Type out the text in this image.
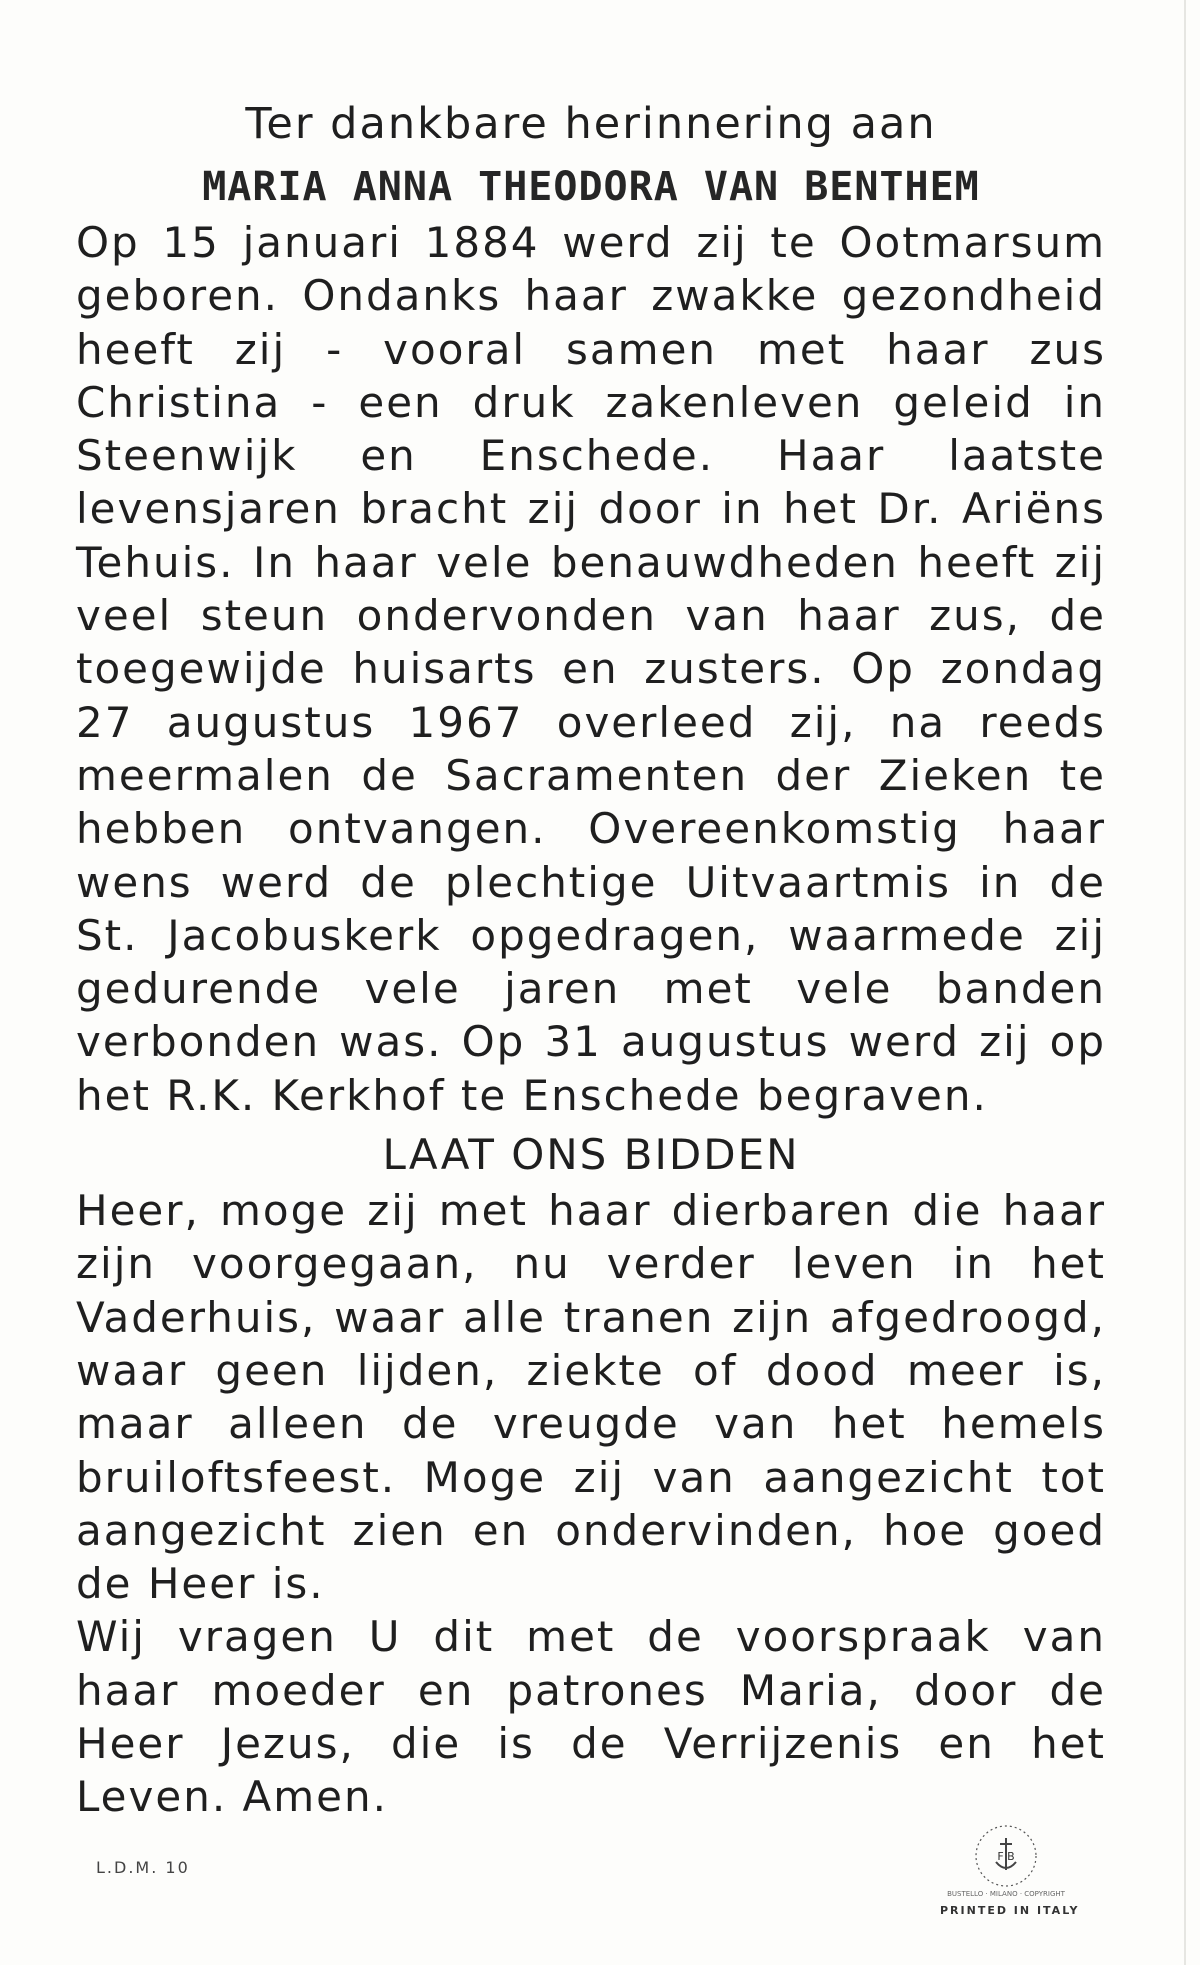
Ter dankbare herinnering aan

MARIA ANNA THEODORA VAN BENTHEM

Op 15 januari 1884 werd zij te Ootmarsum geboren. Ondanks haar zwakke gezondheid heeft zij - vooral samen met haar zus Christina - een druk zakenleven geleid in Steenwijk en Enschede. Haar laatste levensjaren bracht zij door in het Dr. Ariëns Tehuis. In haar vele benauwdheden heeft zij veel steun ondervonden van haar zus, de toegewijde huisarts en zusters. Op zondag 27 augustus 1967 overleed zij, na reeds meermalen de Sacramenten der Zieken te hebben ontvangen. Overeenkomstig haar wens werd de plechtige Uitvaartmis in de St. Jacobuskerk opgedragen, waarmede zij gedurende vele jaren met vele banden verbonden was. Op 31 augustus werd zij op het R.K. Kerkhof te Enschede begraven.

LAAT ONS BIDDEN

Heer, moge zij met haar dierbaren die haar zijn voorgegaan, nu verder leven in het Vaderhuis, waar alle tranen zijn afgedroogd, waar geen lijden, ziekte of dood meer is, maar alleen de vreugde van het hemels bruiloftsfeest. Moge zij van aangezicht tot aangezicht zien en ondervinden, hoe goed de Heer is.

Wij vragen U dit met de voorspraak van haar moeder en patrones Maria, door de Heer Jezus, die is de Verrijzenis en het Leven. Amen.

L.D.M. 10
F B
BUSTELLO · MILANO · COPYRIGHT
PRINTED IN ITALY
